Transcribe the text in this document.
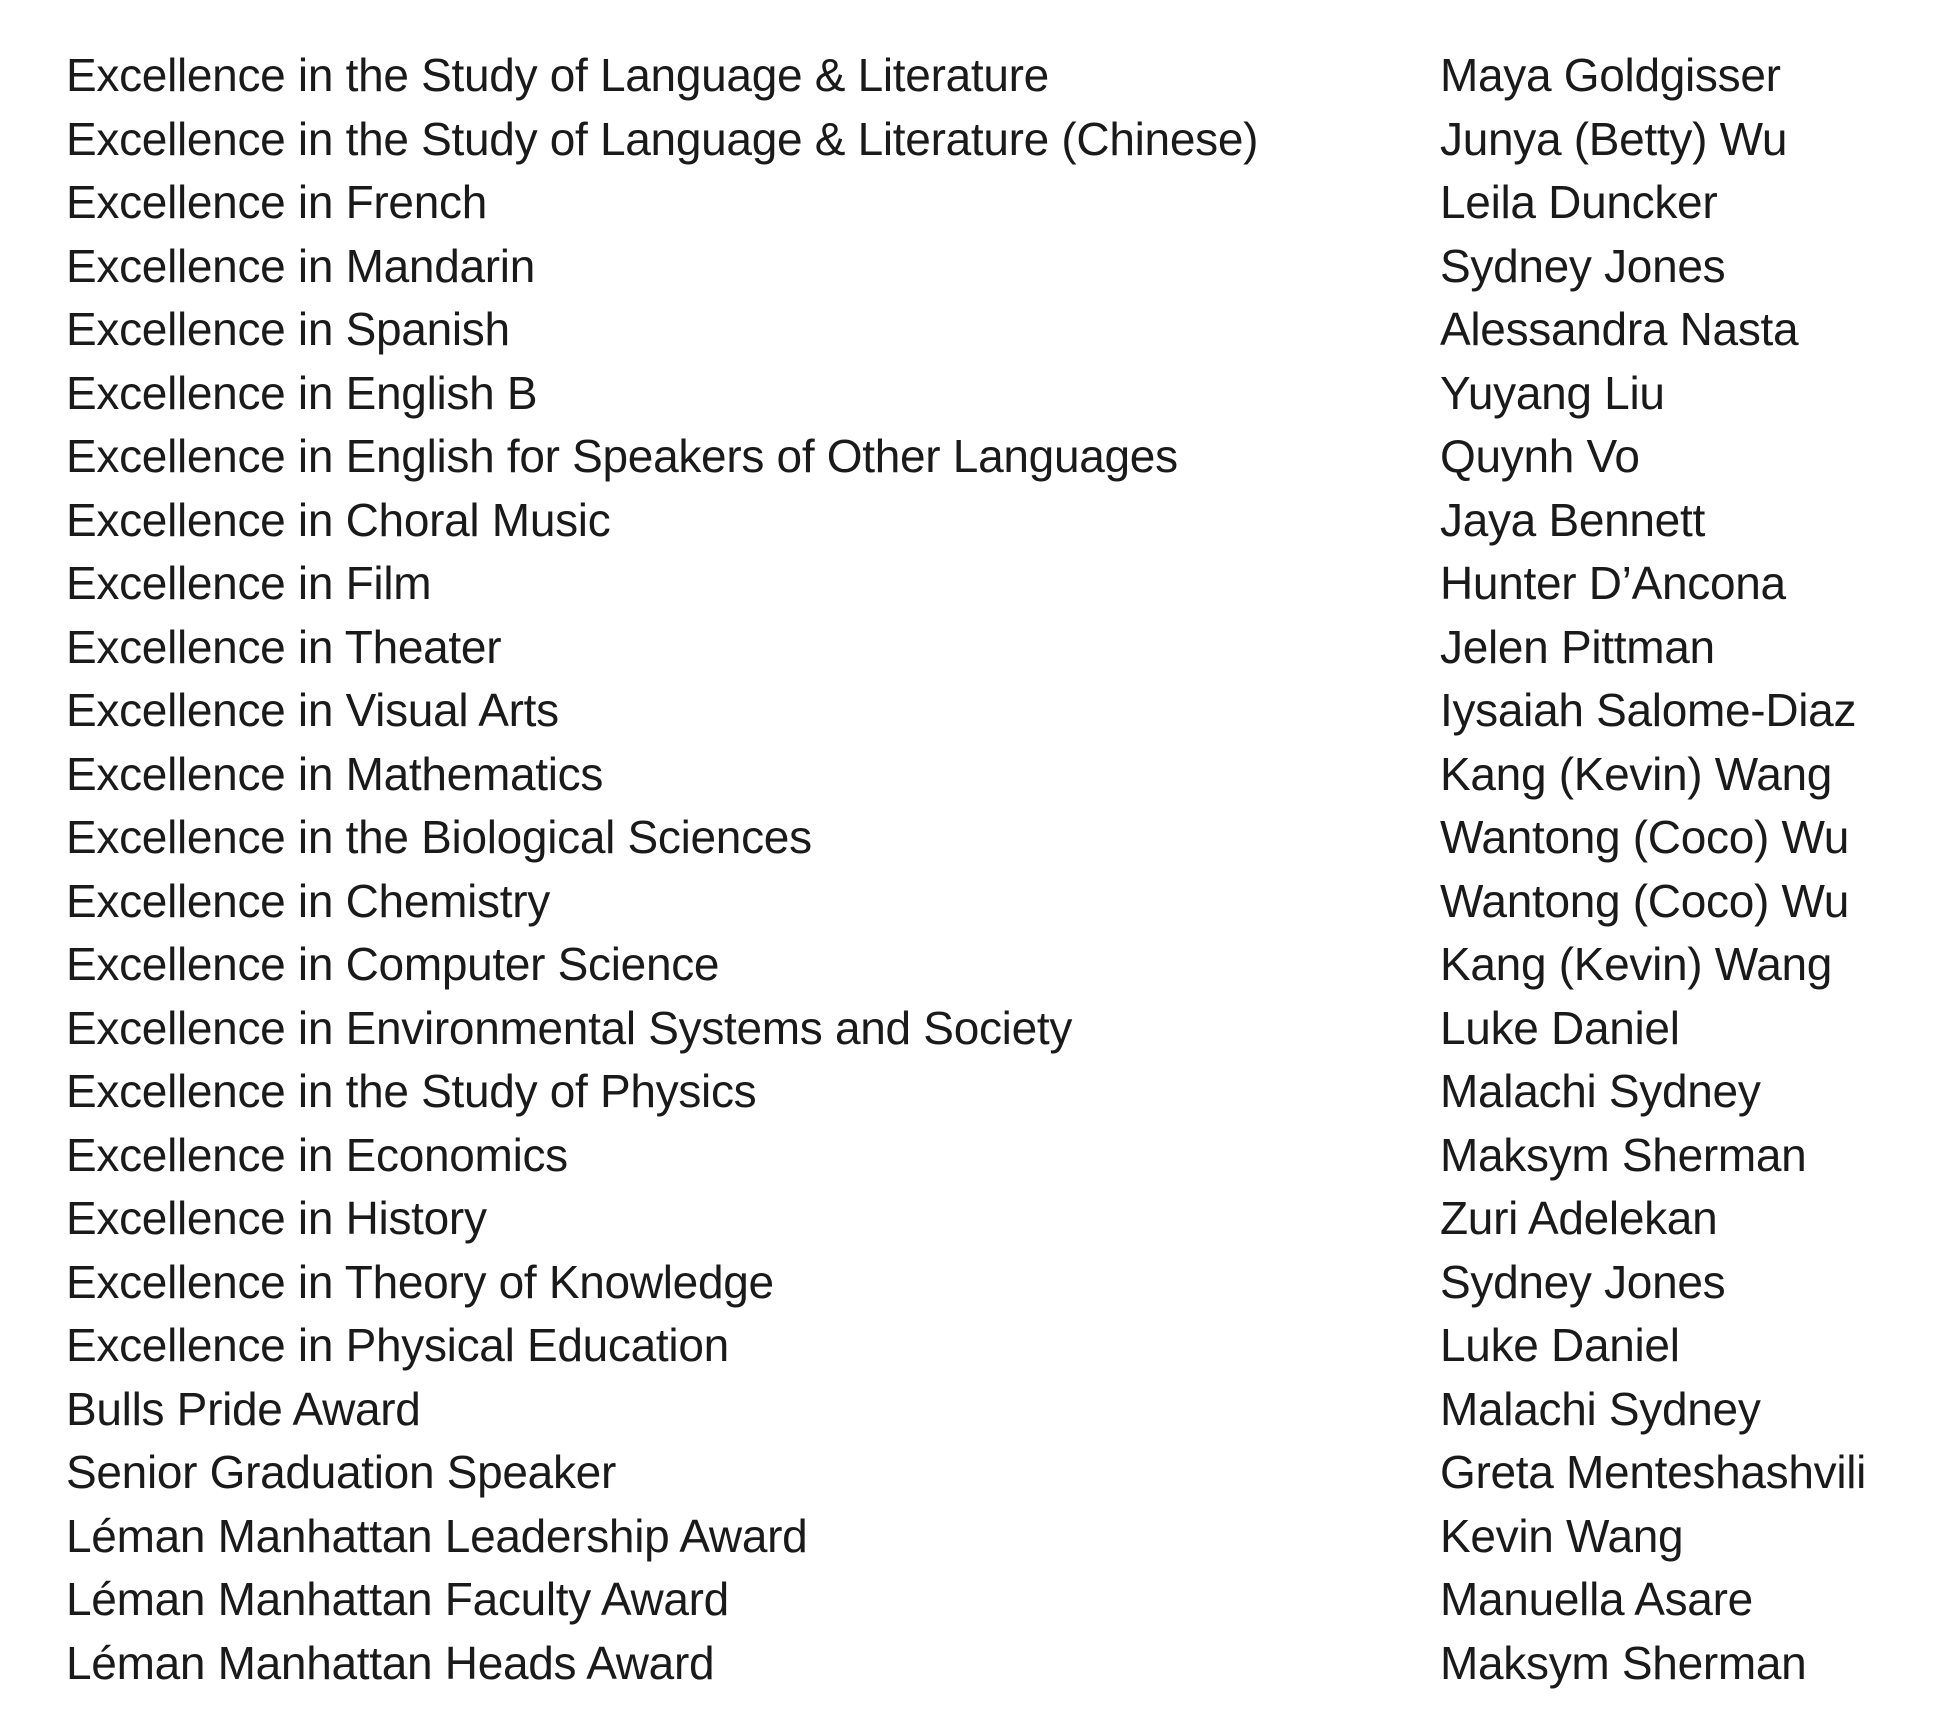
Excellence in the Study of Language & Literature	Maya Goldgisser
Excellence in the Study of Language & Literature (Chinese)	Junya (Betty) Wu
Excellence in French	Leila Duncker
Excellence in Mandarin	Sydney Jones
Excellence in Spanish	Alessandra Nasta
Excellence in English B	Yuyang Liu
Excellence in English for Speakers of Other Languages	Quynh Vo
Excellence in Choral Music	Jaya Bennett
Excellence in Film	Hunter D’Ancona
Excellence in Theater	Jelen Pittman
Excellence in Visual Arts	Iysaiah Salome-Diaz
Excellence in Mathematics	Kang (Kevin) Wang
Excellence in the Biological Sciences	Wantong (Coco) Wu
Excellence in Chemistry	Wantong (Coco) Wu
Excellence in Computer Science	Kang (Kevin) Wang
Excellence in Environmental Systems and Society	Luke Daniel
Excellence in the Study of Physics	Malachi Sydney
Excellence in Economics	Maksym Sherman
Excellence in History	Zuri Adelekan
Excellence in Theory of Knowledge	Sydney Jones
Excellence in Physical Education	Luke Daniel
Bulls Pride Award	Malachi Sydney
Senior Graduation Speaker	Greta Menteshashvili
Léman Manhattan Leadership Award	Kevin Wang
Léman Manhattan Faculty Award	Manuella Asare
Léman Manhattan Heads Award	Maksym Sherman
